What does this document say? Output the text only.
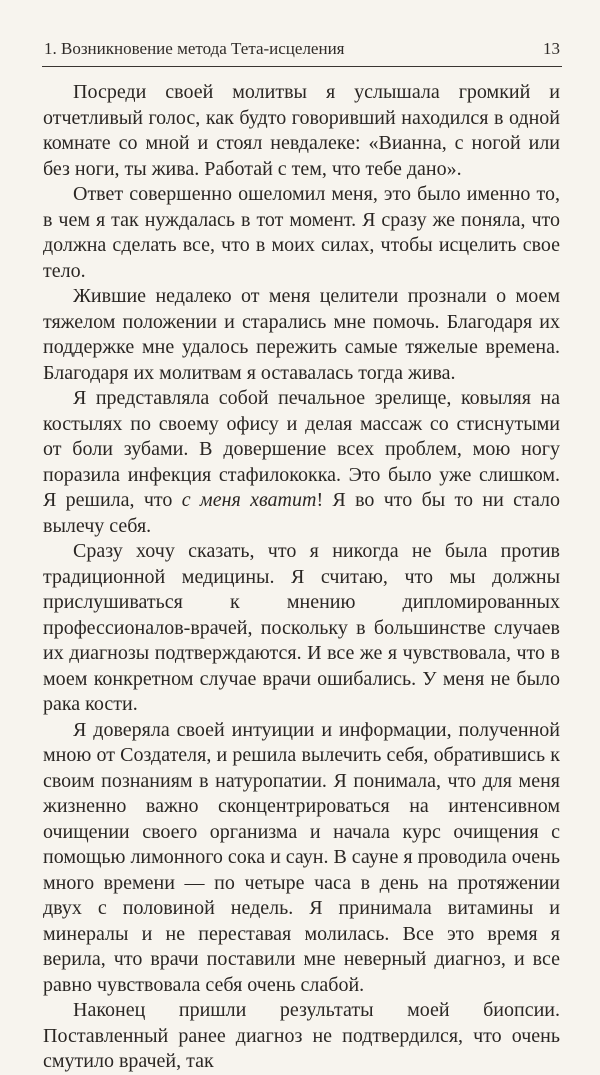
1. Возникновение метода Тета-исцеления	13

Посреди своей молитвы я услышала громкий и отчетливый голос, как будто говоривший находился в одной комнате со мной и стоял невдалеке: «Вианна, с ногой или без ноги, ты жива. Работай с тем, что тебе дано».

Ответ совершенно ошеломил меня, это было именно то, в чем я так нуждалась в тот момент. Я сразу же поняла, что должна сделать все, что в моих силах, чтобы исцелить свое тело.

Жившие недалеко от меня целители прознали о моем тяжелом положении и старались мне помочь. Благодаря их поддержке мне удалось пережить самые тяжелые времена. Благодаря их молитвам я оставалась тогда жива.

Я представляла собой печальное зрелище, ковыляя на костылях по своему офису и делая массаж со стиснутыми от боли зубами. В довершение всех проблем, мою ногу поразила инфекция стафилококка. Это было уже слишком. Я решила, что с меня хватит! Я во что бы то ни стало вылечу себя.

Сразу хочу сказать, что я никогда не была против традиционной медицины. Я считаю, что мы должны прислушиваться к мнению дипломированных профессионалов-врачей, поскольку в большинстве случаев их диагнозы подтверждаются. И все же я чувствовала, что в моем конкретном случае врачи ошибались. У меня не было рака кости.

Я доверяла своей интуиции и информации, полученной мною от Создателя, и решила вылечить себя, обратившись к своим познаниям в натуропатии. Я понимала, что для меня жизненно важно сконцентрироваться на интенсивном очищении своего организма и начала курс очищения с помощью лимонного сока и саун. В сауне я проводила очень много времени — по четыре часа в день на протяжении двух с половиной недель. Я принимала витамины и минералы и не переставая молилась. Все это время я верила, что врачи поставили мне неверный диагноз, и все равно чувствовала себя очень слабой.

Наконец пришли результаты моей биопсии. Поставленный ранее диагноз не подтвердился, что очень смутило врачей, так
